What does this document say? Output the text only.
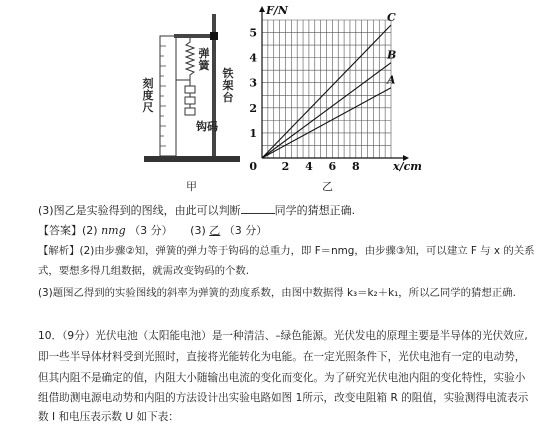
刻度尺
弹簧
铁架台
钩码
甲
2 4 6 8
1
2
3
4
5
0
F/N
x/cm
A
B
C
乙
(3)图乙是实验得到的图线，由此可以判断	同学的猜想正确.
【答案】(2) nmg （3 分） (3) 乙 （3 分）
【解析】(2)由步骤②知，弹簧的弹力等于钩码的总重力，即 F＝nmg，由步骤③知，可以建立 F 与 x 的关系
式，要想多得几组数据，就需改变钩码的个数.
(3)题图乙得到的实验图线的斜率为弹簧的劲度系数，由图中数据得 k₃＝k₂＋k₁，所以乙同学的猜想正确.
10．（9分）光伏电池（太阳能电池）是一种清洁、–绿色能源。光伏发电的原理主要是半导体的光伏效应,
即一些半导体材料受到光照时，直接将光能转化为电能。在一定光照条件下，光伏电池有一定的电动势，
但其内阻不是确定的值，内阻大小随输出电流的变化而变化。为了研究光伏电池内阻的变化特性，实验小
组借助测电源电动势和内阻的方法设计出实验电路如图 1所示，改变电阻箱 R 的阻值，实验测得电流表示
数 I 和电压表示数 U 如下表：
